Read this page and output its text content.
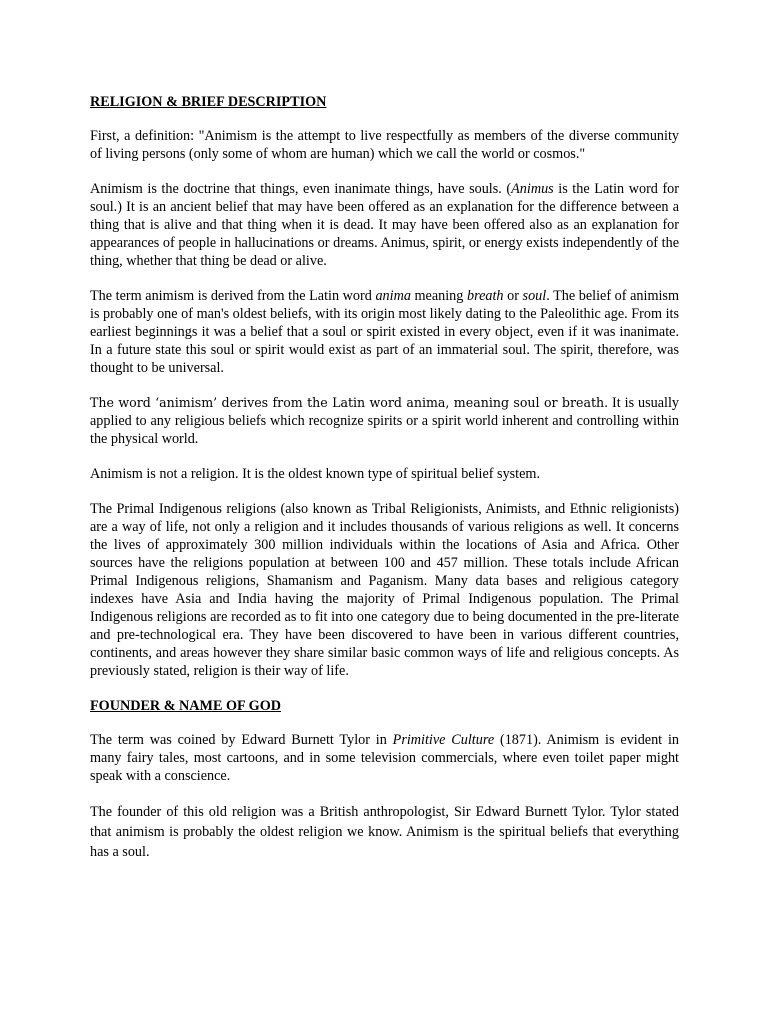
RELIGION & BRIEF DESCRIPTION

First, a definition: "Animism is the attempt to live respectfully as members of the diverse community of living persons (only some of whom are human) which we call the world or cosmos."

Animism is the doctrine that things, even inanimate things, have souls. (Animus is the Latin word for soul.) It is an ancient belief that may have been offered as an explanation for the difference between a thing that is alive and that thing when it is dead. It may have been offered also as an explanation for appearances of people in hallucinations or dreams. Animus, spirit, or energy exists independently of the thing, whether that thing be dead or alive.

The term animism is derived from the Latin word anima meaning breath or soul. The belief of animism is probably one of man's oldest beliefs, with its origin most likely dating to the Paleolithic age. From its earliest beginnings it was a belief that a soul or spirit existed in every object, even if it was inanimate. In a future state this soul or spirit would exist as part of an immaterial soul. The spirit, therefore, was thought to be universal.

The word ‘animism’ derives from the Latin word anima, meaning soul or breath. It is usually applied to any religious beliefs which recognize spirits or a spirit world inherent and controlling within the physical world.

Animism is not a religion. It is the oldest known type of spiritual belief system.

The Primal Indigenous religions (also known as Tribal Religionists, Animists, and Ethnic religionists) are a way of life, not only a religion and it includes thousands of various religions as well. It concerns the lives of approximately 300 million individuals within the locations of Asia and Africa. Other sources have the religions population at between 100 and 457 million. These totals include African Primal Indigenous religions, Shamanism and Paganism. Many data bases and religious category indexes have Asia and India having the majority of Primal Indigenous population. The Primal Indigenous religions are recorded as to fit into one category due to being documented in the pre-literate and pre-technological era. They have been discovered to have been in various different countries, continents, and areas however they share similar basic common ways of life and religious concepts. As previously stated, religion is their way of life.

FOUNDER & NAME OF GOD

The term was coined by Edward Burnett Tylor in Primitive Culture (1871). Animism is evident in many fairy tales, most cartoons, and in some television commercials, where even toilet paper might speak with a conscience.

The founder of this old religion was a British anthropologist, Sir Edward Burnett Tylor. Tylor stated that animism is probably the oldest religion we know. Animism is the spiritual beliefs that everything has a soul.
